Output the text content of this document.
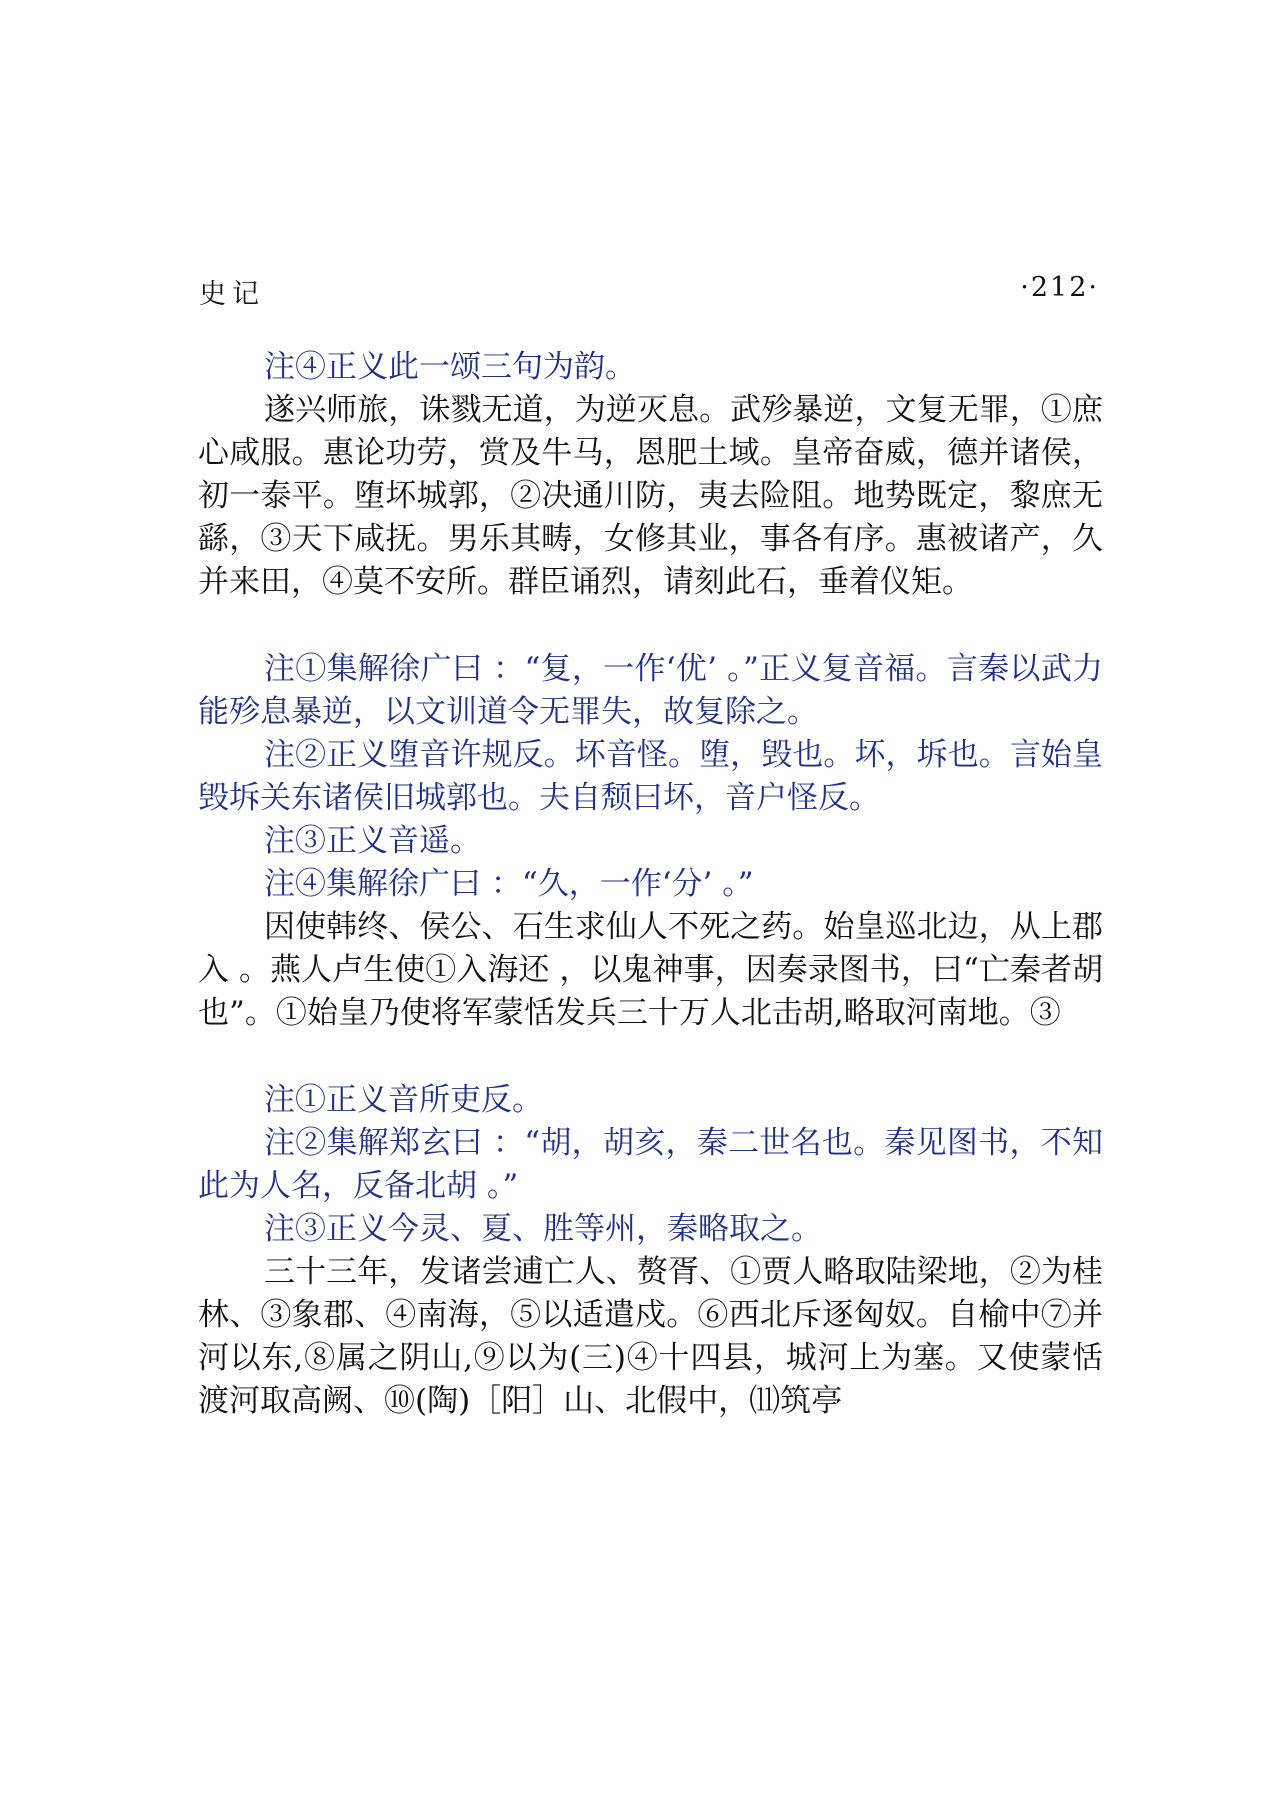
史记	·212·

注④正义此一颂三句为韵。

遂兴师旅，诛戮无道，为逆灭息。武殄暴逆，文复无罪，①庶心咸服。惠论功劳，赏及牛马，恩肥土域。皇帝奋威，德并诸侯，初一泰平。堕坏城郭，②决通川防，夷去险阻。地势既定，黎庶无繇，③天下咸抚。男乐其畴，女修其业，事各有序。惠被诸产，久并来田，④莫不安所。群臣诵烈，请刻此石，垂着仪矩。

注①集解徐广曰 ：“复，一作‘优’ 。”正义复音福。言秦以武力能殄息暴逆，以文训道令无罪失，故复除之。

注②正义堕音许规反。坏音怪。堕，毁也。坏，坼也。言始皇毁坼关东诸侯旧城郭也。夫自颓曰坏，音户怪反。

注③正义音遥。

注④集解徐广曰 ：“久，一作‘分’ 。”

因使韩终、侯公、石生求仙人不死之药。始皇巡北边，从上郡入 。燕人卢生使①入海还 ，以鬼神事，因奏录图书，曰“亡秦者胡也”。①始皇乃使将军蒙恬发兵三十万人北击胡,略取河南地。③

注①正义音所吏反。

注②集解郑玄曰 ：“胡，胡亥，秦二世名也。秦见图书，不知此为人名，反备北胡 。”

注③正义今灵、夏、胜等州，秦略取之。

三十三年，发诸尝逋亡人、赘胥、①贾人略取陆梁地，②为桂林、③象郡、④南海，⑤以适遣戍。⑥西北斥逐匈奴。自榆中⑦并河以东,⑧属之阴山,⑨以为(三)④十四县，城河上为塞。又使蒙恬渡河取高阙、⑩(陶)［阳］山、北假中，⑾筑亭
